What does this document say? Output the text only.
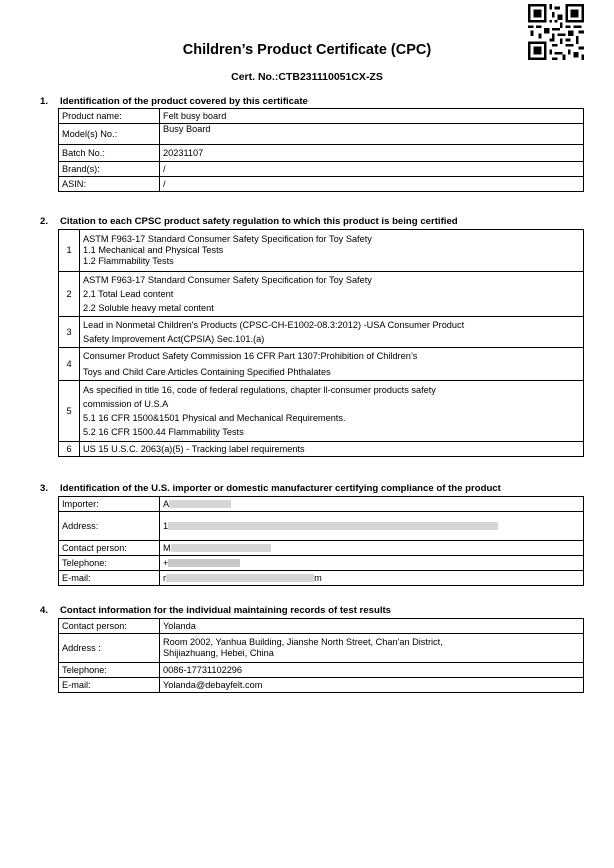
Children’s Product Certificate (CPC)
Cert. No.:CTB231110051CX-ZS
1. Identification of the product covered by this certificate
Product name:	Felt busy board
Model(s) No.:	Busy Board
Batch No.:	20231107
Brand(s):	/
ASIN:	/
2. Citation to each CPSC product safety regulation to which this product is being certified
1	ASTM F963-17 Standard Consumer Safety Specification for Toy Safety
1.1 Mechanical and Physical Tests
1.2 Flammability Tests

2	ASTM F963-17 Standard Consumer Safety Specification for Toy Safety
2.1 Total Lead content
2.2 Soluble heavy metal content

3	Lead in Nonmetal Children's Products (CPSC-CH-E1002-08.3:2012) -USA Consumer Product
Safety Improvement Act(CPSIA) Sec.101.(a)

4	Consumer Product Safety Commission 16 CFR Part 1307:Prohibition of Children’s
Toys and Child Care Articles Containing Specified Phthalates

5	As specified in title 16, code of federal regulations, chapter ll-consumer products safety
commission of U.S.A
5.1 16 CFR 1500&1501 Physical and Mechanical Requirements.
5.2 16 CFR 1500.44 Flammability Tests

6	US 15 U.S.C. 2063(a)(5) - Tracking label requirements
3. Identification of the U.S. importer or domestic manufacturer certifying compliance of the product
Importer:	A
Address:	1
Contact person:	M
Telephone:	+
E-mail:	r m
4. Contact information for the individual maintaining records of test results
Contact person:	Yolanda
Address :	Room 2002, Yanhua Building, Jianshe North Street, Chan'an District,
Shijiazhuang, Hebei, China

Telephone:	0086-17731102296
E-mail:	Yolanda@debayfelt.com
